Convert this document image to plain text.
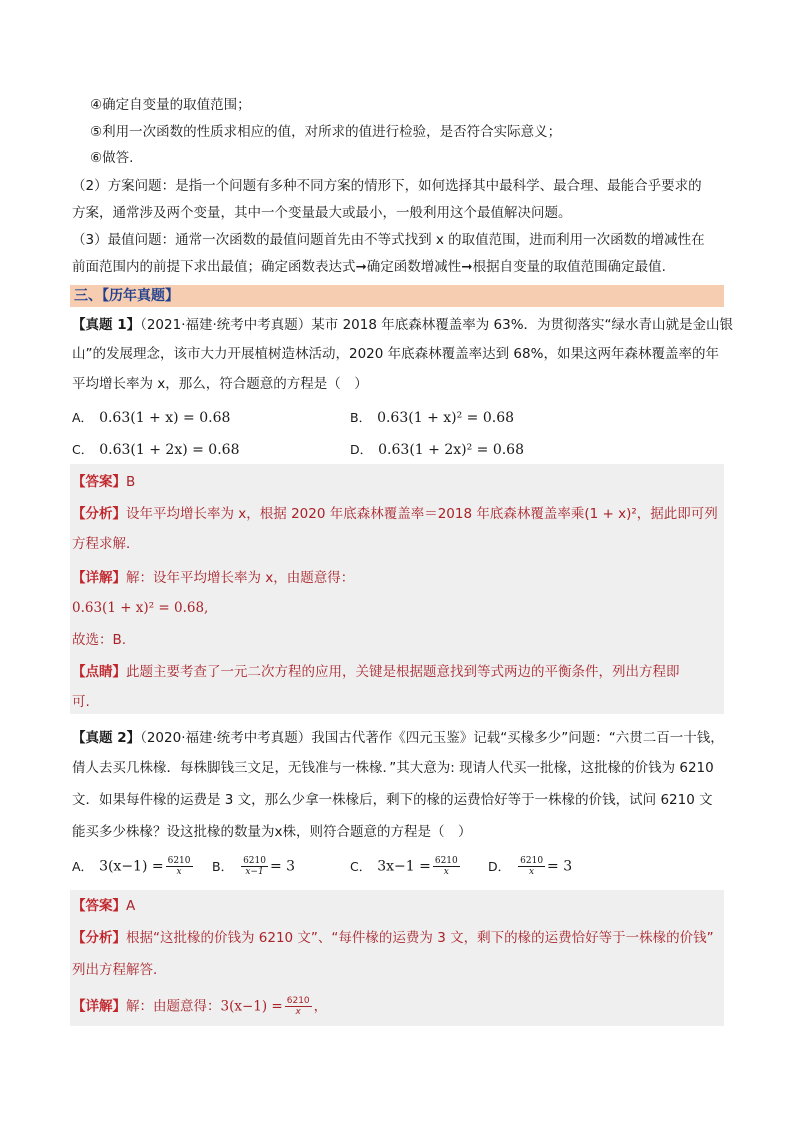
④确定自变量的取值范围；
⑤利用一次函数的性质求相应的值，对所求的值进行检验，是否符合实际意义；
⑥做答.
（2）方案问题：是指一个问题有多种不同方案的情形下，如何选择其中最科学、最合理、最能合乎要求的
方案，通常涉及两个变量，其中一个变量最大或最小，一般利用这个最值解决问题。
（3）最值问题：通常一次函数的最值问题首先由不等式找到 x 的取值范围，进而利用一次函数的增减性在
前面范围内的前提下求出最值；确定函数表达式➞确定函数增减性➞根据自变量的取值范围确定最值.
三、【历年真题】
【真题 1】（2021·福建·统考中考真题）某市 2018 年底森林覆盖率为 63%．为贯彻落实“绿水青山就是金山银
山”的发展理念，该市大力开展植树造林活动，2020 年底森林覆盖率达到 68%，如果这两年森林覆盖率的年
平均增长率为 x，那么，符合题意的方程是（　）
A． 0.63(1 + x) = 0.68	B． 0.63(1 + x)² = 0.68
C． 0.63(1 + 2x) = 0.68	D． 0.63(1 + 2x)² = 0.68
【答案】B
【分析】设年平均增长率为 x，根据 2020 年底森林覆盖率＝2018 年底森林覆盖率乘(1 + x)²，据此即可列
方程求解．
【详解】解：设年平均增长率为 x，由题意得：
0.63(1 + x)² = 0.68,
故选：B.
【点睛】此题主要考查了一元二次方程的应用，关键是根据题意找到等式两边的平衡条件，列出方程即
可.
【真题 2】（2020·福建·统考中考真题）我国古代著作《四元玉鉴》记载“买椽多少”问题：“六贯二百一十钱，
倩人去买几株椽．每株脚钱三文足，无钱准与一株椽．”其大意为: 现请人代买一批椽，这批椽的价钱为 6210
文．如果每件椽的运费是 3 文，那么少拿一株椽后，剩下的椽的运费恰好等于一株椽的价钱，试问 6210 文
能买多少株椽？设这批椽的数量为x株，则符合题意的方程是（　）
A． $3(x-1) = \frac{6210}{x}$ B． $\frac{6210}{x-1} = 3$	C． $3x-1 = \frac{6210}{x}$ D． $\frac{6210}{x} = 3$
【答案】A
【分析】根据“这批椽的价钱为 6210 文”、“每件椽的运费为 3 文，剩下的椽的运费恰好等于一株椽的价钱”
列出方程解答．
【详解】解：由题意得：$3(x-1) = \frac{6210}{x}$ ，
